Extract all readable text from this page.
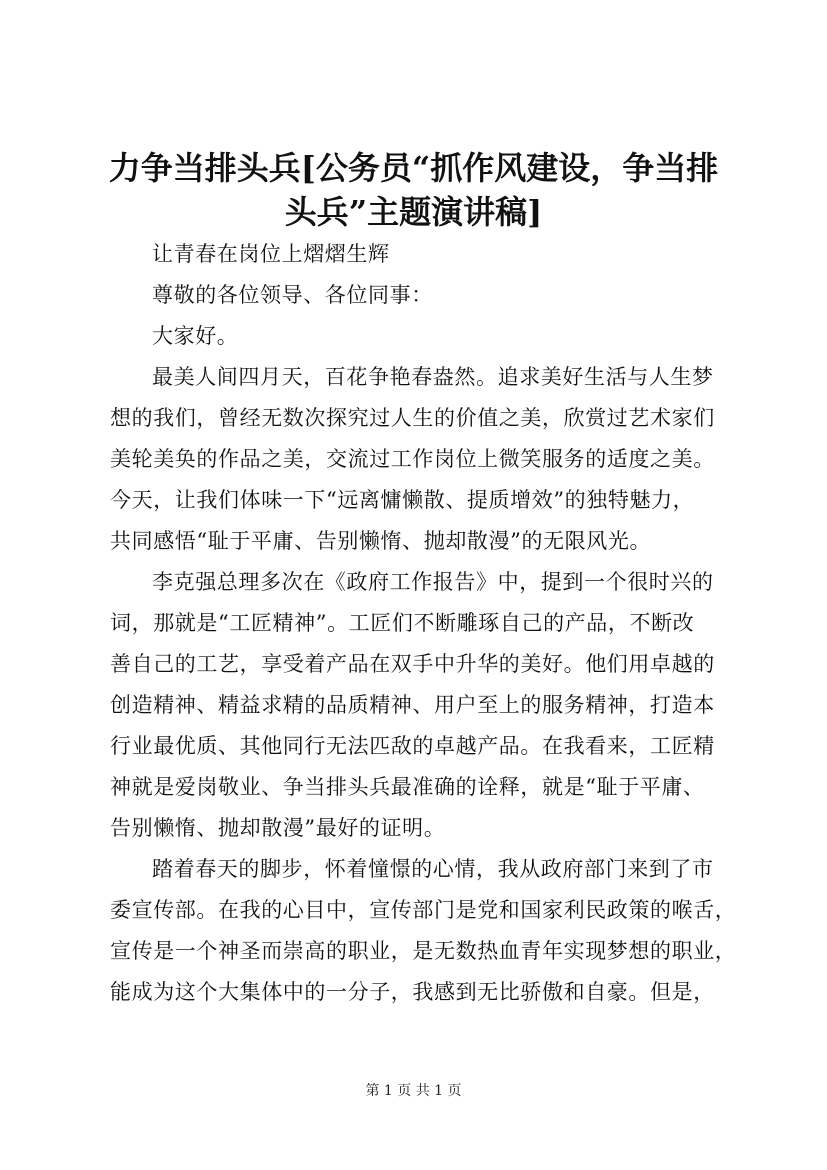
力争当排头兵[公务员“抓作风建设，争当排
头兵”主题演讲稿]
让青春在岗位上熠熠生辉
尊敬的各位领导、各位同事：
大家好。
最美人间四月天，百花争艳春盎然。追求美好生活与人生梦
想的我们，曾经无数次探究过人生的价值之美，欣赏过艺术家们
美轮美奂的作品之美，交流过工作岗位上微笑服务的适度之美。
今天，让我们体味一下“远离慵懒散、提质增效”的独特魅力，
共同感悟“耻于平庸、告别懒惰、抛却散漫”的无限风光。
李克强总理多次在《政府工作报告》中，提到一个很时兴的
词，那就是“工匠精神”。工匠们不断雕琢自己的产品，不断改
善自己的工艺，享受着产品在双手中升华的美好。他们用卓越的
创造精神、精益求精的品质精神、用户至上的服务精神，打造本
行业最优质、其他同行无法匹敌的卓越产品。在我看来，工匠精
神就是爱岗敬业、争当排头兵最准确的诠释，就是“耻于平庸、
告别懒惰、抛却散漫”最好的证明。
踏着春天的脚步，怀着憧憬的心情，我从政府部门来到了市
委宣传部。在我的心目中，宣传部门是党和国家利民政策的喉舌，
宣传是一个神圣而崇高的职业，是无数热血青年实现梦想的职业，
能成为这个大集体中的一分子，我感到无比骄傲和自豪。但是，
第 1 页 共 1 页
